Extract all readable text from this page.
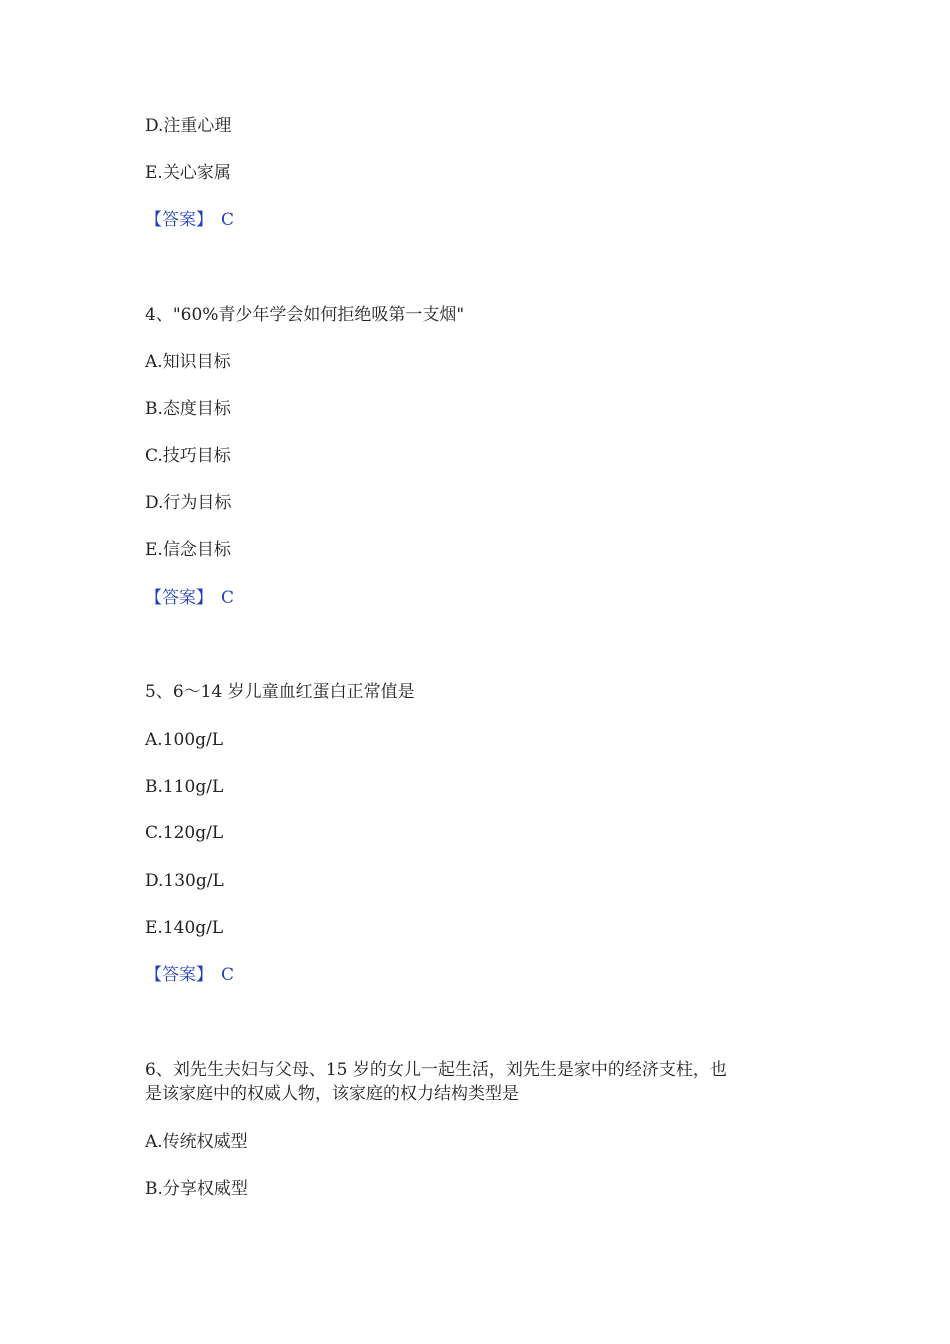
D.注重心理
E.关心家属
【答案】 C
4、"60%青少年学会如何拒绝吸第一支烟"
A.知识目标
B.态度目标
C.技巧目标
D.行为目标
E.信念目标
【答案】 C
5、6～14 岁儿童血红蛋白正常值是
A.100g/L
B.110g/L
C.120g/L
D.130g/L
E.140g/L
【答案】 C
6、刘先生夫妇与父母、15 岁的女儿一起生活，刘先生是家中的经济支柱，也
是该家庭中的权威人物，该家庭的权力结构类型是
A.传统权威型
B.分享权威型
